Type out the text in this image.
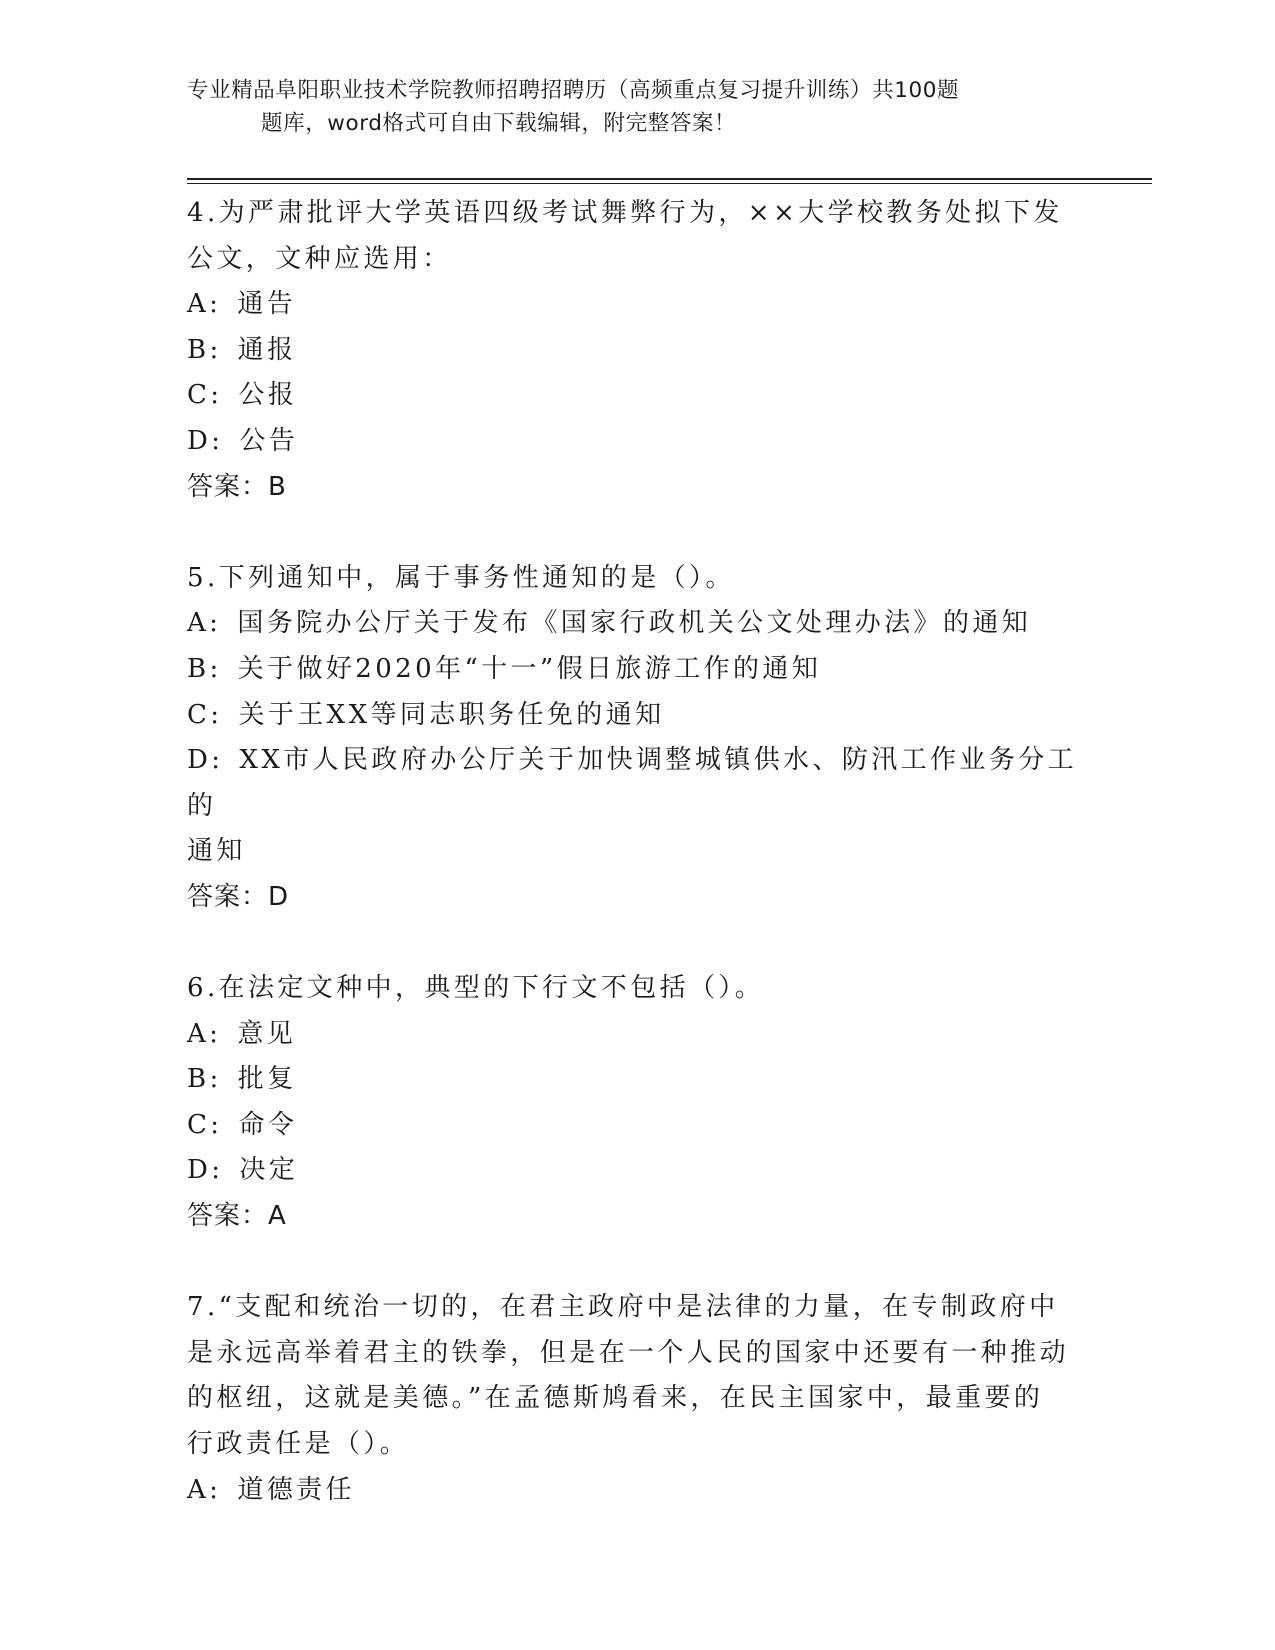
专业精品阜阳职业技术学院教师招聘招聘历（高频重点复习提升训练）共100题
题库，word格式可自由下载编辑，附完整答案！

4.为严肃批评大学英语四级考试舞弊行为，××大学校教务处拟下发

公文，文种应选用：

A: 通告

B: 通报

C: 公报

D: 公告

答案：B

5.下列通知中，属于事务性通知的是（）。

A: 国务院办公厅关于发布《国家行政机关公文处理办法》的通知

B: 关于做好2020年“十一”假日旅游工作的通知

C: 关于王XX等同志职务任免的通知

D: XX市人民政府办公厅关于加快调整城镇供水、防汛工作业务分工的

通知

答案：D

6.在法定文种中，典型的下行文不包括（）。

A: 意见

B: 批复

C: 命令

D: 决定

答案：A

7.“支配和统治一切的，在君主政府中是法律的力量，在专制政府中

是永远高举着君主的铁拳，但是在一个人民的国家中还要有一种推动

的枢纽，这就是美德。”在孟德斯鸠看来，在民主国家中，最重要的

行政责任是（）。

A: 道德责任
